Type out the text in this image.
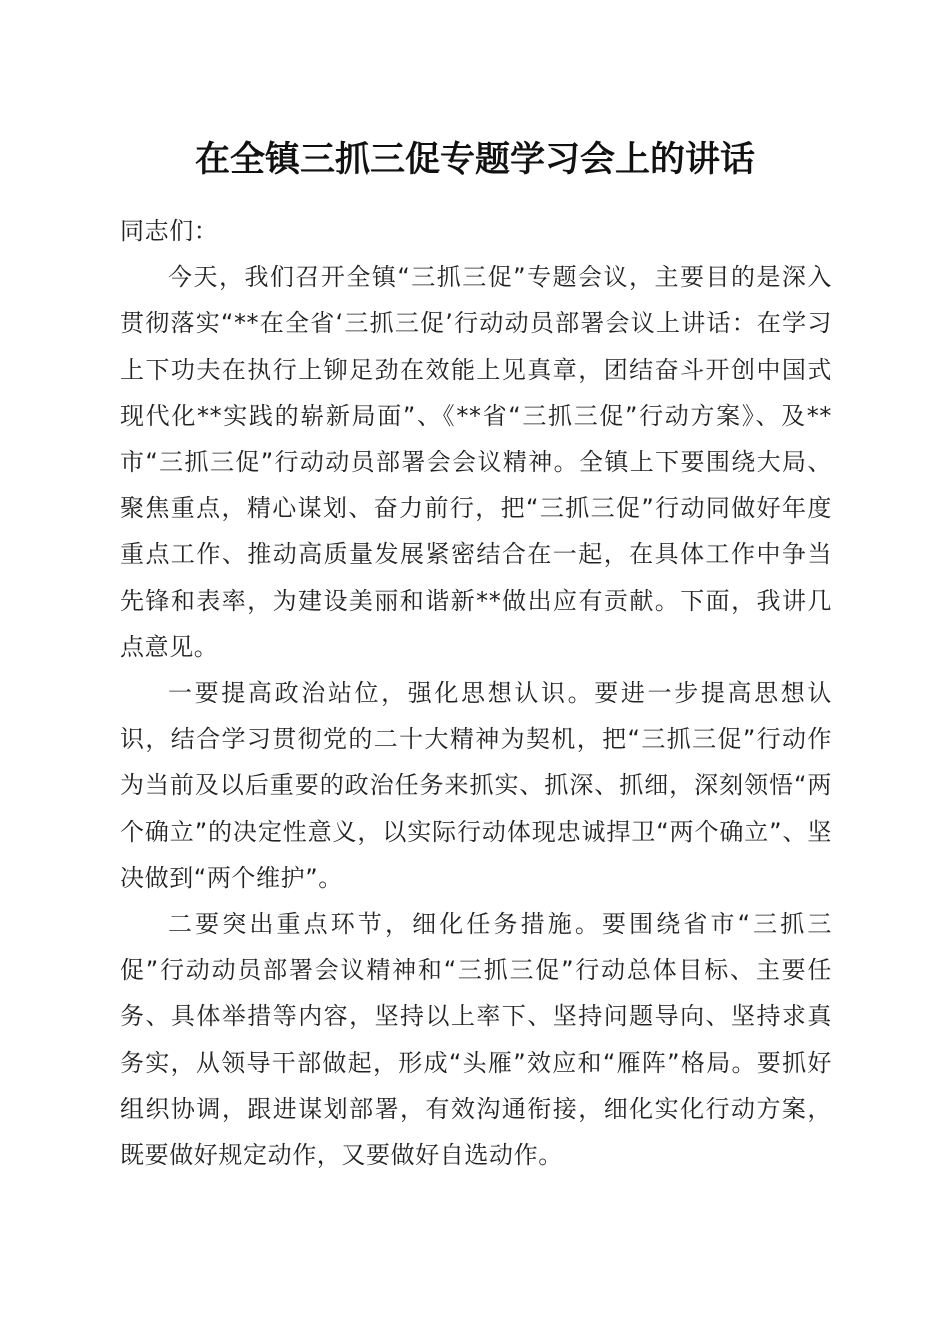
在全镇三抓三促专题学习会上的讲话

同志们：

今天，我们召开全镇“三抓三促”专题会议，主要目的是深入贯彻落实“**在全省‘三抓三促’行动动员部署会议上讲话：在学习上下功夫在执行上铆足劲在效能上见真章，团结奋斗开创中国式现代化**实践的崭新局面”、《**省“三抓三促”行动方案》、及**市“三抓三促”行动动员部署会会议精神。全镇上下要围绕大局、聚焦重点，精心谋划、奋力前行，把“三抓三促”行动同做好年度重点工作、推动高质量发展紧密结合在一起，在具体工作中争当先锋和表率，为建设美丽和谐新**做出应有贡献。下面，我讲几点意见。

一要提高政治站位，强化思想认识。要进一步提高思想认识，结合学习贯彻党的二十大精神为契机，把“三抓三促”行动作为当前及以后重要的政治任务来抓实、抓深、抓细，深刻领悟“两个确立”的决定性意义，以实际行动体现忠诚捍卫“两个确立”、坚决做到“两个维护”。

二要突出重点环节，细化任务措施。要围绕省市“三抓三促”行动动员部署会议精神和“三抓三促”行动总体目标、主要任务、具体举措等内容，坚持以上率下、坚持问题导向、坚持求真务实，从领导干部做起，形成“头雁”效应和“雁阵”格局。要抓好组织协调，跟进谋划部署，有效沟通衔接，细化实化行动方案，既要做好规定动作，又要做好自选动作。
